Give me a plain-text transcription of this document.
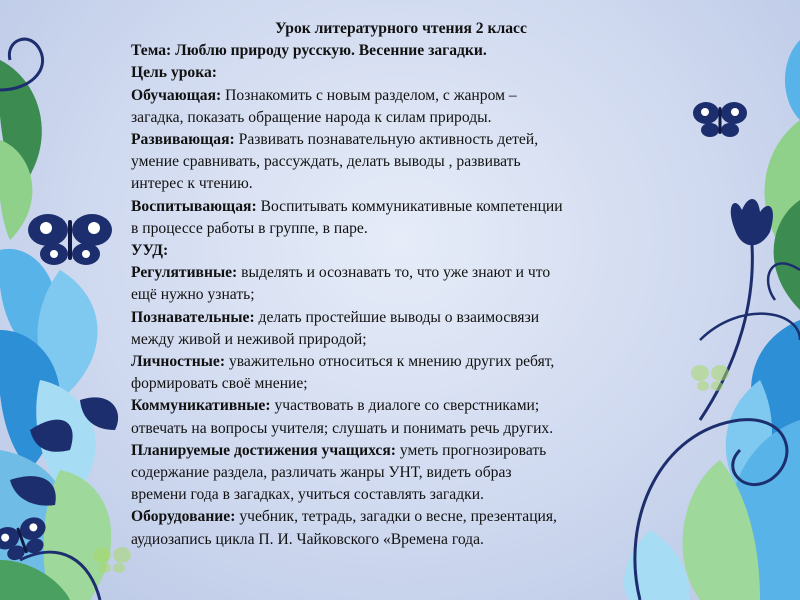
Урок литературного чтения 2 класс
Тема: Люблю природу русскую. Весенние загадки.
Цель урока:
Обучающая: Познакомить с новым разделом, с жанром –
загадка, показать обращение народа к силам природы.
Развивающая: Развивать познавательную активность детей,
умение сравнивать, рассуждать, делать выводы , развивать
интерес к чтению.
Воспитывающая: Воспитывать коммуникативные компетенции
в процессе работы в группе, в паре.
УУД:
Регулятивные: выделять и осознавать то, что уже знают и что
ещё нужно узнать;
Познавательные: делать простейшие выводы о взаимосвязи
между живой и неживой природой;
Личностные: уважительно относиться к мнению других ребят,
формировать своё мнение;
Коммуникативные: участвовать в диалоге со сверстниками;
отвечать на вопросы учителя; слушать и понимать речь других.
Планируемые достижения учащихся: уметь прогнозировать
содержание раздела, различать жанры УНТ, видеть образ
времени года в загадках, учиться составлять загадки.
Оборудование: учебник, тетрадь, загадки о весне, презентация,
аудиозапись цикла П. И. Чайковского «Времена года.
